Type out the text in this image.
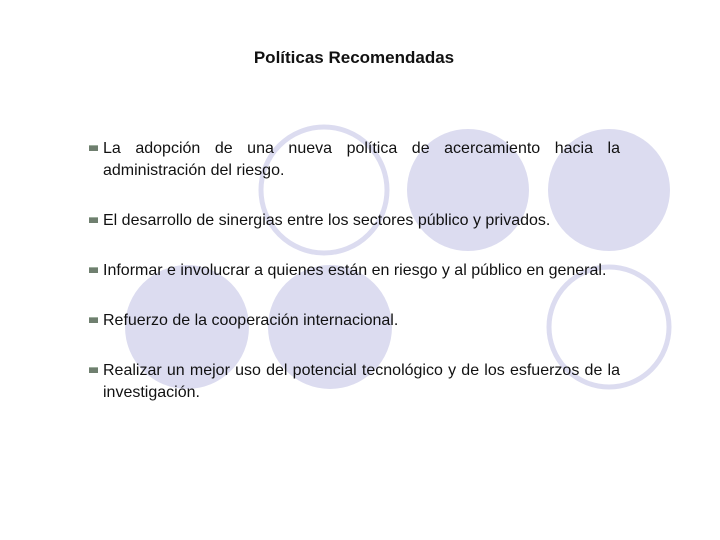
Políticas Recomendadas
La adopción de una nueva política de acercamiento hacia la administración del riesgo.
El desarrollo de sinergias entre los sectores público y privados.
Informar e involucrar a quienes están en riesgo y al público en general.
Refuerzo de la cooperación internacional.
Realizar un mejor uso del potencial tecnológico y de los esfuerzos de la investigación.
